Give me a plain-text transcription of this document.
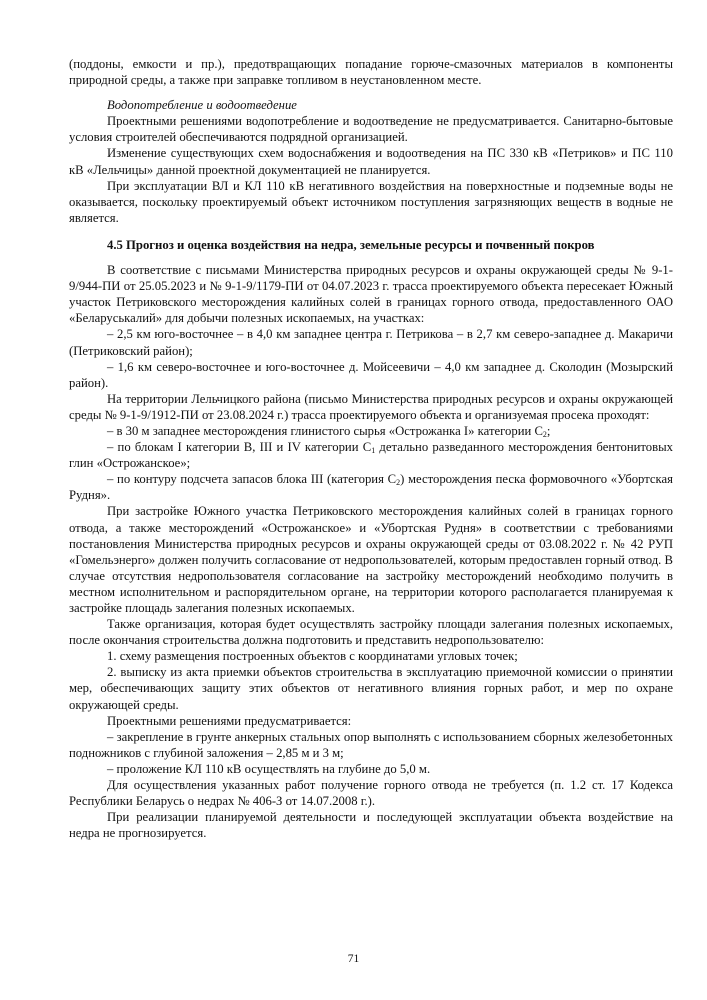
(поддоны, емкости и пр.), предотвращающих попадание горюче-смазочных материалов в компоненты природной среды, а также при заправке топливом в неустановленном месте.

Водопотребление и водоотведение

Проектными решениями водопотребление и водоотведение не предусматривается. Санитарно-бытовые условия строителей обеспечиваются подрядной организацией.

Изменение существующих схем водоснабжения и водоотведения на ПС 330 кВ «Петриков» и ПС 110 кВ «Лельчицы» данной проектной документацией не планируется.

При эксплуатации ВЛ и КЛ 110 кВ негативного воздействия на поверхностные и подземные воды не оказывается, поскольку проектируемый объект источником поступления загрязняющих веществ в водные не является.

4.5 Прогноз и оценка воздействия на недра, земельные ресурсы и почвенный покров

В соответствие с письмами Министерства природных ресурсов и охраны окружающей среды № 9-1-9/944-ПИ от 25.05.2023 и № 9-1-9/1179-ПИ от 04.07.2023 г. трасса проектируемого объекта пересекает Южный участок Петриковского месторождения калийных солей в границах горного отвода, предоставленного ОАО «Беларуськалий» для добычи полезных ископаемых, на участках:

– 2,5 км юго-восточнее – в 4,0 км западнее центра г. Петрикова – в 2,7 км северо-западнее д. Макаричи (Петриковский район);

– 1,6 км северо-восточнее и юго-восточнее д. Мойсеевичи – 4,0 км западнее д. Сколодин (Мозырский район).

На территории Лельчицкого района (письмо Министерства природных ресурсов и охраны окружающей среды № 9-1-9/1912-ПИ от 23.08.2024 г.) трасса проектируемого объекта и организуемая просека проходят:

– в 30 м западнее месторождения глинистого сырья «Острожанка I» категории $С_2$;

– по блокам I категории В, III и IV категории $С_1$ детально разведанного месторождения бентонитовых глин «Острожанское»;

– по контуру подсчета запасов блока III (категория $С_2$) месторождения песка формовочного «Убортская Рудня».

При застройке Южного участка Петриковского месторождения калийных солей в границах горного отвода, а также месторождений «Острожанское» и «Убортская Рудня» в соответствии с требованиями постановления Министерства природных ресурсов и охраны окружающей среды от 03.08.2022 г. № 42 РУП «Гомельэнерго» должен получить согласование от недропользователей, которым предоставлен горный отвод. В случае отсутствия недропользователя согласование на застройку месторождений необходимо получить в местном исполнительном и распорядительном органе, на территории которого располагается планируемая к застройке площадь залегания полезных ископаемых.

Также организация, которая будет осуществлять застройку площади залегания полезных ископаемых, после окончания строительства должна подготовить и представить недропользователю:

1. схему размещения построенных объектов с координатами угловых точек;

2. выписку из акта приемки объектов строительства в эксплуатацию приемочной комиссии о принятии мер, обеспечивающих защиту этих объектов от негативного влияния горных работ, и мер по охране окружающей среды.

Проектными решениями предусматривается:

– закрепление в грунте анкерных стальных опор выполнять с использованием сборных железобетонных подножников с глубиной заложения – 2,85 м и 3 м;

– проложение КЛ 110 кВ осуществлять на глубине до 5,0 м.

Для осуществления указанных работ получение горного отвода не требуется (п. 1.2 ст. 17 Кодекса Республики Беларусь о недрах № 406-З от 14.07.2008 г.).

При реализации планируемой деятельности и последующей эксплуатации объекта воздействие на недра не прогнозируется.

71
